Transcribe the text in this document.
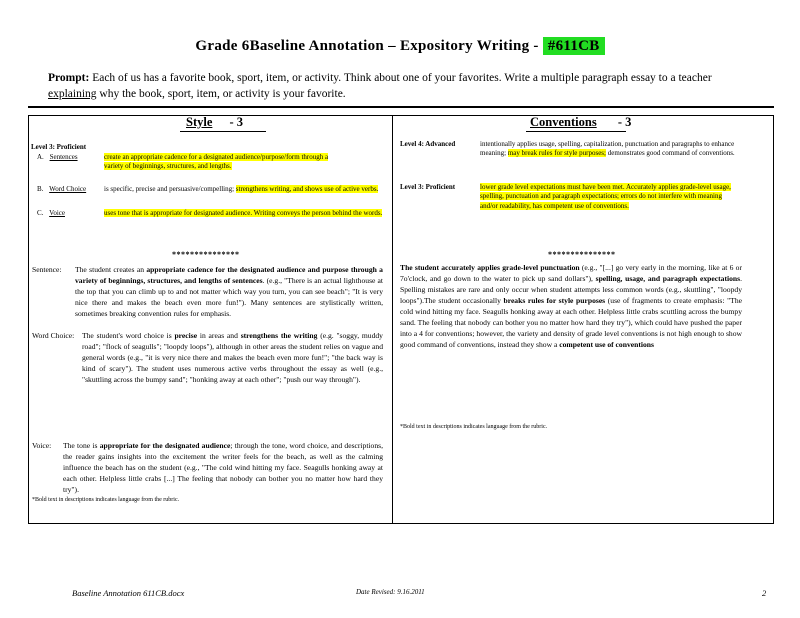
Grade 6Baseline Annotation – Expository Writing - #611CB
Prompt: Each of us has a favorite book, sport, item, or activity. Think about one of your favorites. Write a multiple paragraph essay to a teacher explaining why the book, sport, item, or activity is your favorite.
Style - 3
Level 3: Proficient
A. Sentences	create an appropriate cadence for a designated audience/purpose/form through a variety of beginnings, structures, and lengths.
B. Word Choice	is specific, precise and persuasive/compelling; strengthens writing, and shows use of active verbs.
C. Voice	uses tone that is appropriate for designated audience. Writing conveys the person behind the words.
***************
Sentence:	The student creates an appropriate cadence for the designated audience and purpose through a variety of beginnings, structures, and lengths of sentences. (e.g., "There is an actual lighthouse at the top that you can climb up to and not matter which way you turn, you can see beach"; "It is very nice there and makes the beach even more fun!"). Many sentences are stylistically written, sometimes breaking convention rules for emphasis.
Word Choice:	The student's word choice is precise in areas and strengthens the writing (e.g. "soggy, muddy road"; "flock of seagulls"; "loopdy loops"), although in other areas the student relies on vague and general words (e.g., "it is very nice there and makes the beach even more fun!"; "the back way is kind of scary"). The student uses numerous active verbs throughout the essay as well (e.g., "skuttling across the bumpy sand"; "honking away at each other"; "push our way through").
Voice:	The tone is appropriate for the designated audience; through the tone, word choice, and descriptions, the reader gains insights into the excitement the writer feels for the beach, as well as the calming influence the beach has on the student (e.g., "The cold wind hitting my face. Seagulls honking away at each other. Helpless little crabs [...] The feeling that nobody can bother you no matter how hard they try").
*Bold text in descriptions indicates language from the rubric.
Conventions - 3
Level 4: Advanced	intentionally applies usage, spelling, capitalization, punctuation and paragraphs to enhance meaning; may break rules for style purposes; demonstrates good command of conventions.
Level 3: Proficient	lower grade level expectations must have been met. Accurately applies grade-level usage, spelling, punctuation and paragraph expectations; errors do not interfere with meaning and/or readability, has competent use of conventions.
***************
The student accurately applies grade-level punctuation (e.g., "[...] go very early in the morning, like at 6 or 7o'clock, and go down to the water to pick up sand dollars"), spelling, usage, and paragraph expectations. Spelling mistakes are rare and only occur when student attempts less common words (e.g., skuttling", "loopdy loops").The student occasionally breaks rules for style purposes (use of fragments to create emphasis: "The cold wind hitting my face. Seagulls honking away at each other. Helpless little crabs scuttling across the bumpy sand. The feeling that nobody can bother you no matter how hard they try"), which could have pushed the paper into a 4 for conventions; however, the variety and density of grade level conventions is not high enough to show good command of conventions, instead they show a competent use of conventions
*Bold text in descriptions indicates language from the rubric.
Baseline Annotation 611CB.docx	Date Revised: 9.16.2011	2
